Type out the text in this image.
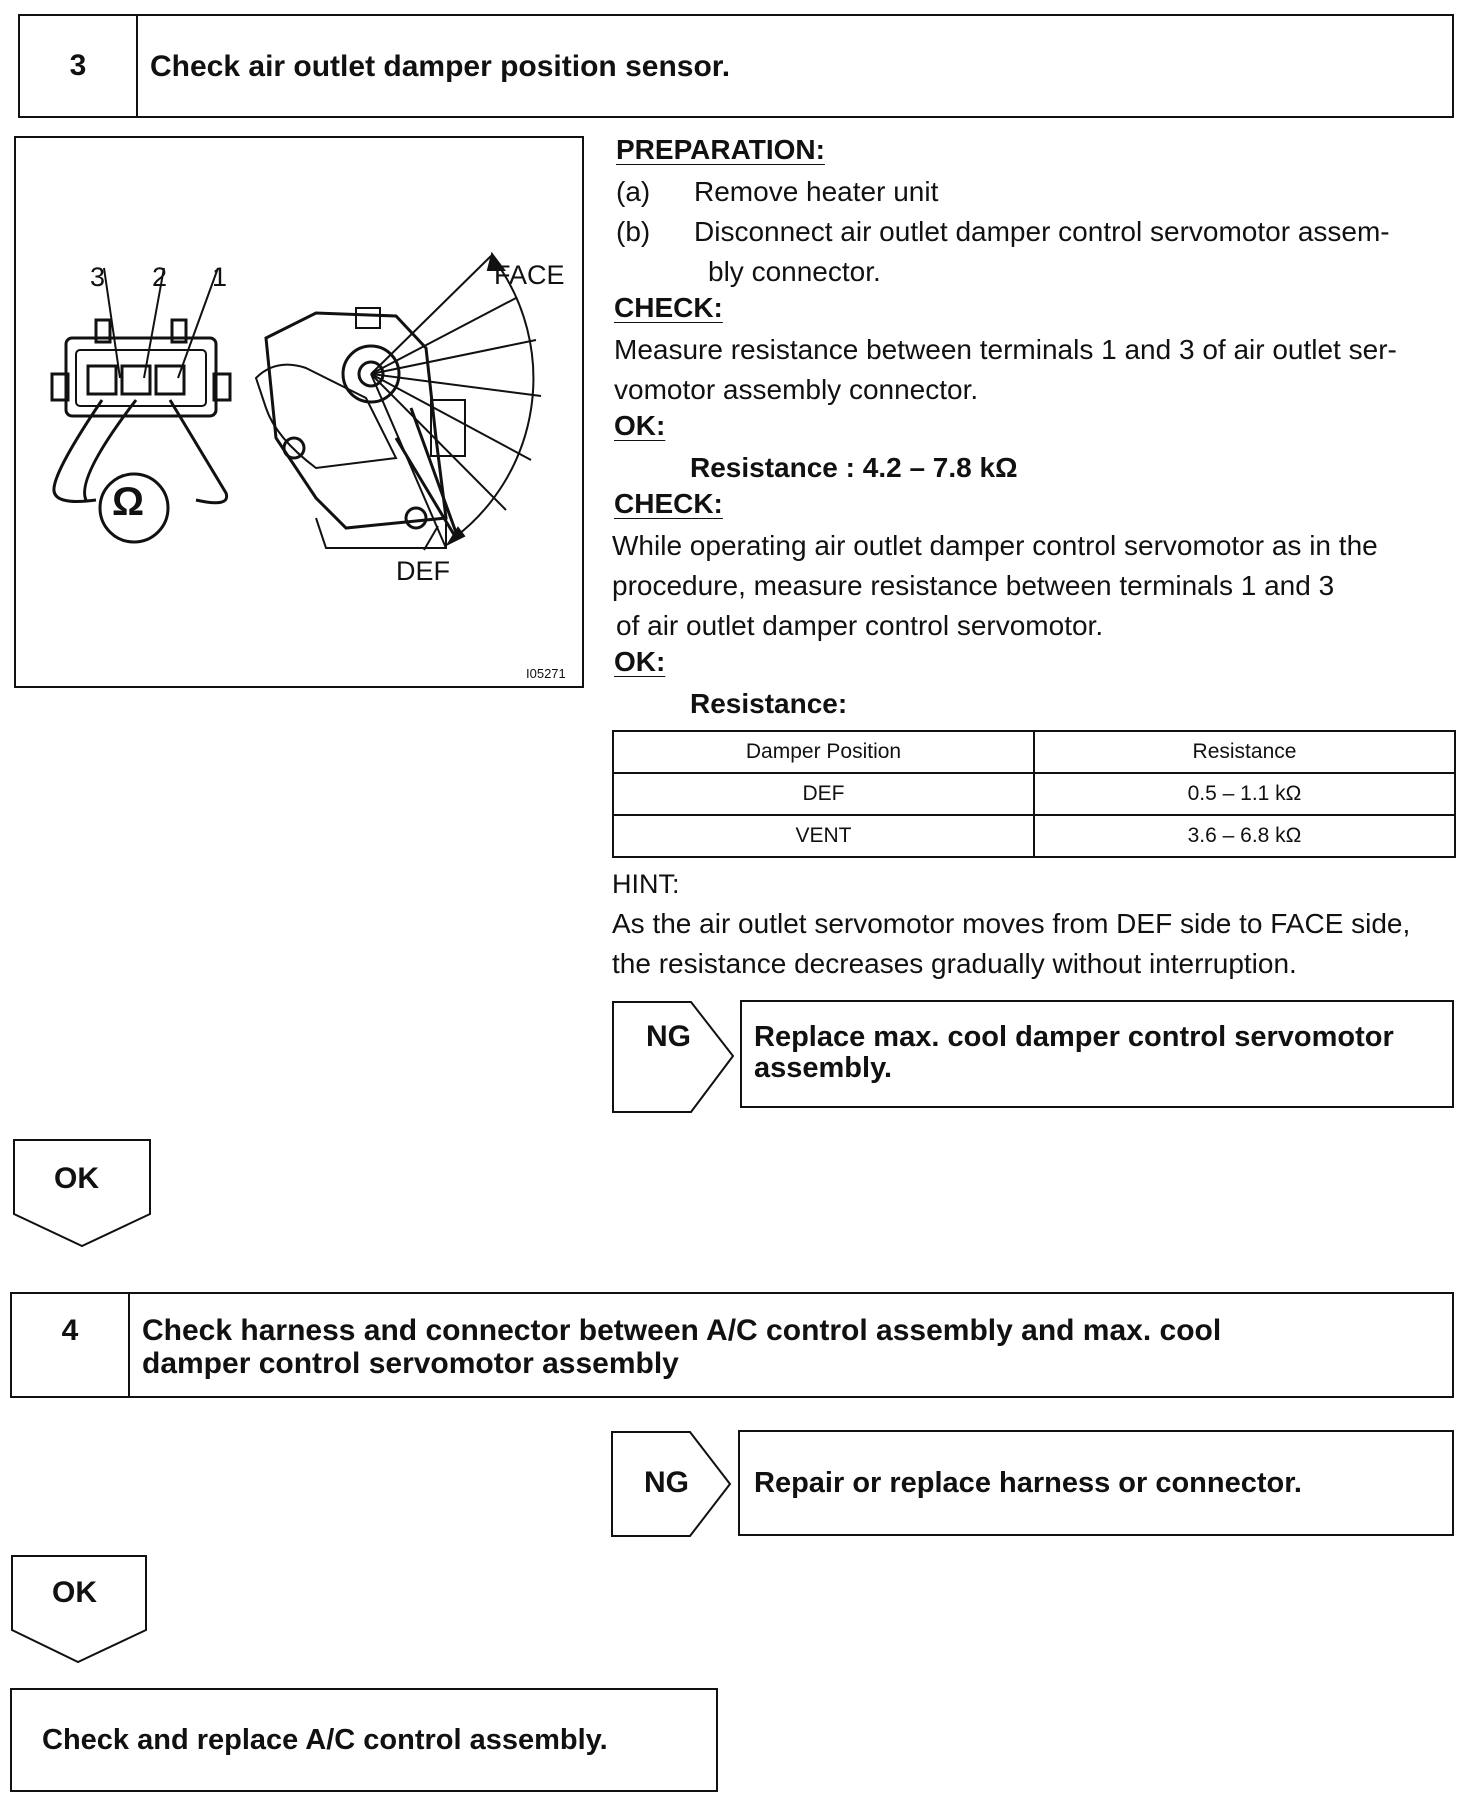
3	Check air outlet damper position sensor.
3 2 1
Ω
FACE
DEF
I05271
PREPARATION:
(a) Remove heater unit
(b) Disconnect air outlet damper control servomotor assem-
bly connector.
CHECK:
Measure resistance between terminals 1 and 3 of air outlet ser-
vomotor assembly connector.
OK:
Resistance : 4.2 – 7.8 kΩ
CHECK:
While operating air outlet damper control servomotor as in the
procedure, measure resistance between terminals 1 and 3
of air outlet damper control servomotor.
OK:
Resistance:
Damper Position	Resistance
DEF	0.5 – 1.1 kΩ
VENT	3.6 – 6.8 kΩ
HINT:
As the air outlet servomotor moves from DEF side to FACE side,
the resistance decreases gradually without interruption.
NG Replace max. cool damper control servomotor
assembly.
OK
4	Check harness and connector between A/C control assembly and max. cool
damper control servomotor assembly
NG Repair or replace harness or connector.
OK
Check and replace A/C control assembly.
